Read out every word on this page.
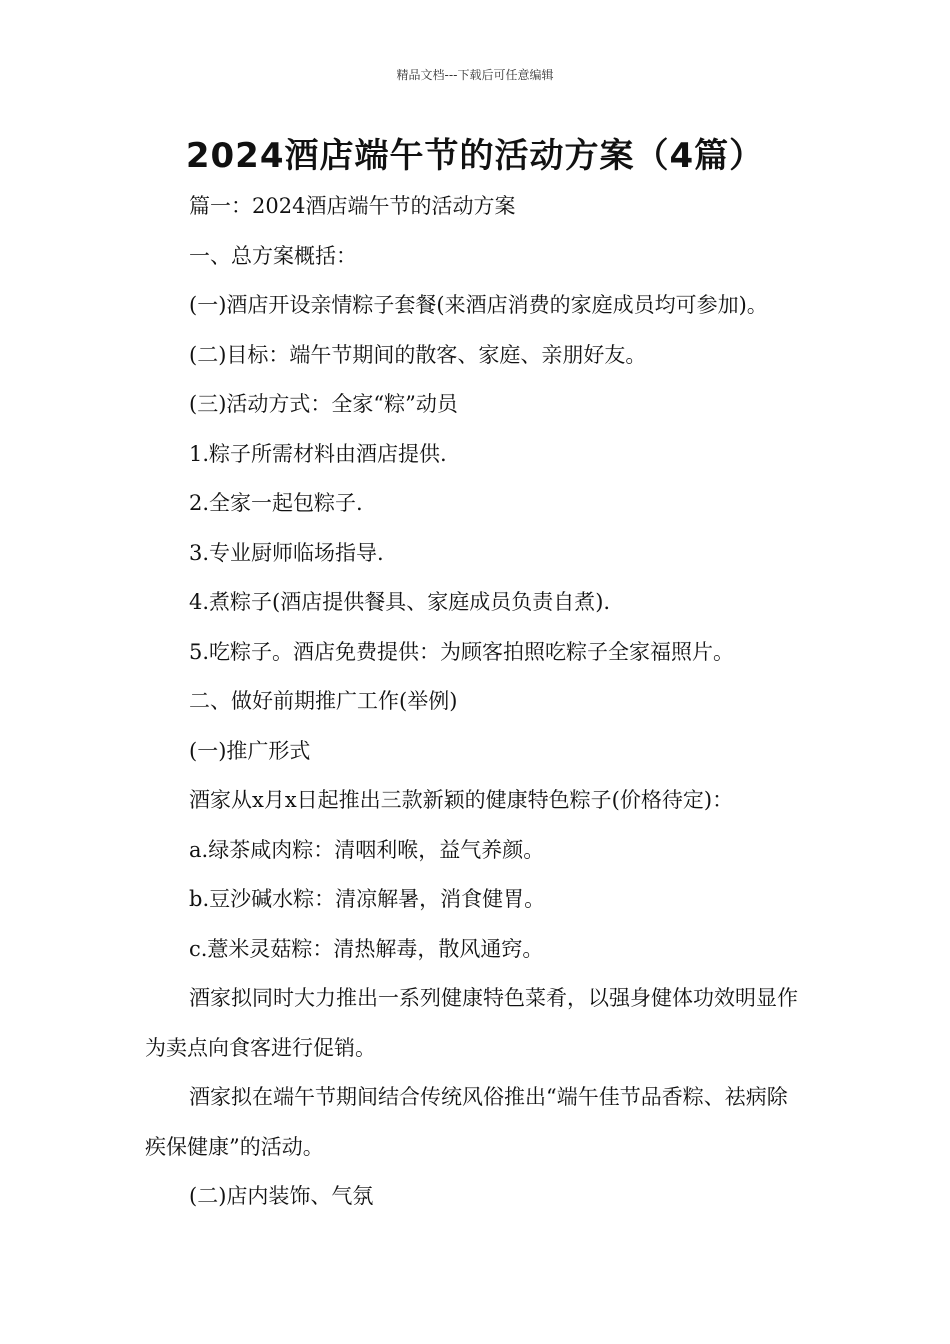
精品文档---下载后可任意编辑
2024酒店端午节的活动方案（4篇）

篇一：2024酒店端午节的活动方案

一、总方案概括：

(一)酒店开设亲情粽子套餐(来酒店消费的家庭成员均可参加)。

(二)目标：端午节期间的散客、家庭、亲朋好友。

(三)活动方式：全家“粽”动员

1.粽子所需材料由酒店提供.

2.全家一起包粽子.

3.专业厨师临场指导.

4.煮粽子(酒店提供餐具、家庭成员负责自煮).

5.吃粽子。酒店免费提供：为顾客拍照吃粽子全家福照片。

二、做好前期推广工作(举例)

(一)推广形式

酒家从x月x日起推出三款新颖的健康特色粽子(价格待定)：

a.绿茶咸肉粽：清咽利喉，益气养颜。

b.豆沙碱水粽：清凉解暑，消食健胃。

c.薏米灵菇粽：清热解毒，散风通窍。

酒家拟同时大力推出一系列健康特色菜肴，以强身健体功效明显作为卖点向食客进行促销。

酒家拟在端午节期间结合传统风俗推出“端午佳节品香粽、祛病除疾保健康”的活动。

(二)店内装饰、气氛
